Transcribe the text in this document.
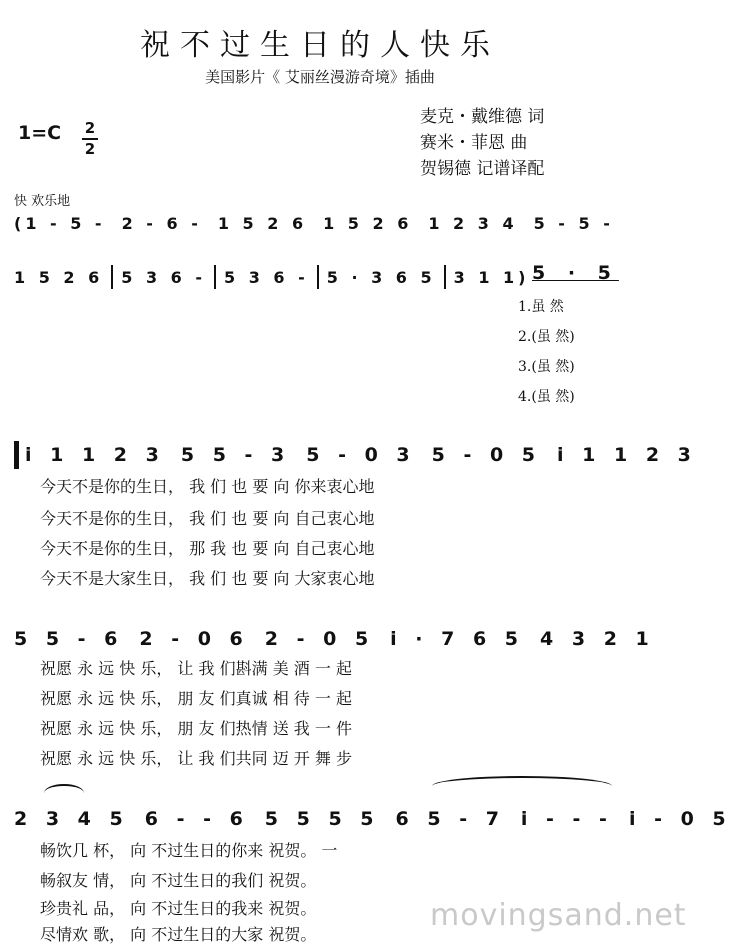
祝不过生日的人快乐
美国影片《 艾丽丝漫游奇境》插曲
1=C 2
2
麦克・戴维德 词
赛米・菲恩 曲
贺锡德 记谱译配
快 欢乐地
(1 - 5 - 2 - 6 - 1 5 2 6 1 5 2 6 1 2 3 4 5 - 5 -
1 5 2 6 5 3 6 - 5 3 6 - 5 · 3 6 5 3 1 1) 5 · 5
1.虽 然
2.(虽 然)
3.(虽 然)
4.(虽 然)
i 1 1 2 3 5 5 - 3 5 - 0 3 5 - 0 5 i 1 1 2 3
今天不是你的生日， 我 们 也 要 向 你来衷心地
今天不是你的生日， 我 们 也 要 向 自己衷心地
今天不是你的生日， 那 我 也 要 向 自己衷心地
今天不是大家生日， 我 们 也 要 向 大家衷心地
5 5 - 6 2 - 0 6 2 - 0 5 i · 7 6 5 4 3 2 1
祝愿 永 远 快 乐， 让 我 们斟满 美 酒 一 起
祝愿 永 远 快 乐， 朋 友 们真诚 相 待 一 起
祝愿 永 远 快 乐， 朋 友 们热情 送 我 一 件
祝愿 永 远 快 乐， 让 我 们共同 迈 开 舞 步
2 3 4 5 6 - - 6 5 5 5 5 6 5 - 7 i - - - i - 0 5
畅饮几 杯， 向 不过生日的你来 祝贺。 一
畅叙友 情， 向 不过生日的我们 祝贺。
珍贵礼 品， 向 不过生日的我来 祝贺。
尽情欢 歌， 向 不过生日的大家 祝贺。
movingsand.net
